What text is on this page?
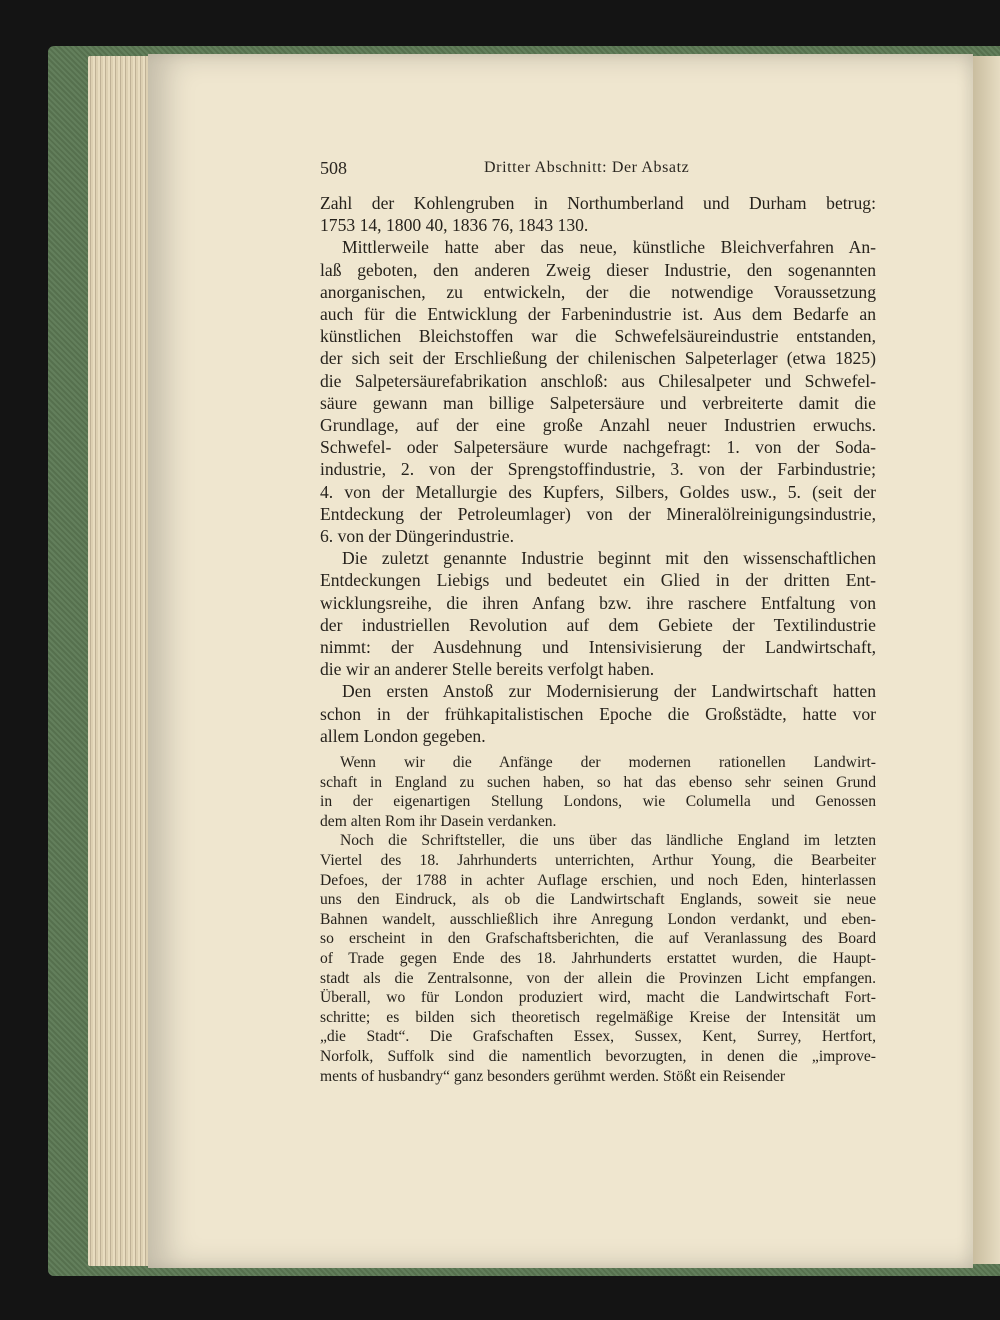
508	Dritter Abschnitt: Der Absatz
Zahl der Kohlengruben in Northumberland und Durham betrug:
1753 14, 1800 40, 1836 76, 1843 130.
Mittlerweile hatte aber das neue, künstliche Bleichverfahren An-
laß geboten, den anderen Zweig dieser Industrie, den sogenannten
anorganischen, zu entwickeln, der die notwendige Voraussetzung
auch für die Entwicklung der Farbenindustrie ist. Aus dem Bedarfe an
künstlichen Bleichstoffen war die Schwefelsäureindustrie entstanden,
der sich seit der Erschließung der chilenischen Salpeterlager (etwa 1825)
die Salpetersäurefabrikation anschloß: aus Chilesalpeter und Schwefel-
säure gewann man billige Salpetersäure und verbreiterte damit die
Grundlage, auf der eine große Anzahl neuer Industrien erwuchs.
Schwefel- oder Salpetersäure wurde nachgefragt: 1. von der Soda-
industrie, 2. von der Sprengstoffindustrie, 3. von der Farbindustrie;
4. von der Metallurgie des Kupfers, Silbers, Goldes usw., 5. (seit der
Entdeckung der Petroleumlager) von der Mineralölreinigungsindustrie,
6. von der Düngerindustrie.
Die zuletzt genannte Industrie beginnt mit den wissenschaftlichen
Entdeckungen Liebigs und bedeutet ein Glied in der dritten Ent-
wicklungsreihe, die ihren Anfang bzw. ihre raschere Entfaltung von
der industriellen Revolution auf dem Gebiete der Textilindustrie
nimmt: der Ausdehnung und Intensivisierung der Landwirtschaft,
die wir an anderer Stelle bereits verfolgt haben.
Den ersten Anstoß zur Modernisierung der Landwirtschaft hatten
schon in der frühkapitalistischen Epoche die Großstädte, hatte vor
allem London gegeben.
Wenn wir die Anfänge der modernen rationellen Landwirt-
schaft in England zu suchen haben, so hat das ebenso sehr seinen Grund
in der eigenartigen Stellung Londons, wie Columella und Genossen
dem alten Rom ihr Dasein verdanken.
Noch die Schriftsteller, die uns über das ländliche England im letzten
Viertel des 18. Jahrhunderts unterrichten, Arthur Young, die Bearbeiter
Defoes, der 1788 in achter Auflage erschien, und noch Eden, hinterlassen
uns den Eindruck, als ob die Landwirtschaft Englands, soweit sie neue
Bahnen wandelt, ausschließlich ihre Anregung London verdankt, und eben-
so erscheint in den Grafschaftsberichten, die auf Veranlassung des Board
of Trade gegen Ende des 18. Jahrhunderts erstattet wurden, die Haupt-
stadt als die Zentralsonne, von der allein die Provinzen Licht empfangen.
Überall, wo für London produziert wird, macht die Landwirtschaft Fort-
schritte; es bilden sich theoretisch regelmäßige Kreise der Intensität um
„die Stadt“. Die Grafschaften Essex, Sussex, Kent, Surrey, Hertfort,
Norfolk, Suffolk sind die namentlich bevorzugten, in denen die „improve-
ments of husbandry“ ganz besonders gerühmt werden. Stößt ein Reisender
